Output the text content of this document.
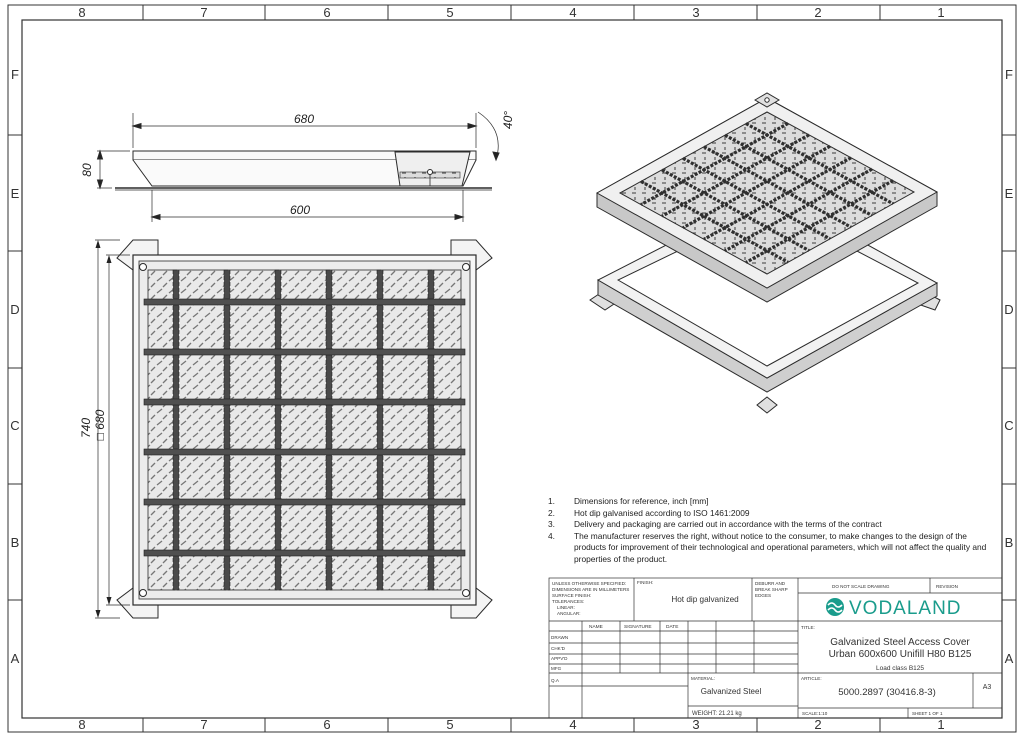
8	7	6	5	4	3	2	1
8	7	6	5	4	3	2	1
F
E
D
C
B
A
F
E
D
C
B
A
680
80
40°
600
740 □ 680
1.	Dimensions for reference, inch [mm]
2.	Hot dip galvanised according to ISO 1461:2009
3.	Delivery and packaging are carried out in accordance with the terms of the contract
4.	The manufacturer reserves the right, without notice to the consumer, to make changes to the design of the products for improvement of their technological and operational parameters, which will not affect the quality and properties of the product.
UNLESS OTHERWISE SPECIFIED:
DIMENSIONS ARE IN MILLIMETERS
SURFACE FINISH:
TOLERANCES:
LINEAR:
ANGULAR:
FINISH:
Hot dip galvanized
DEBURR AND
BREAK SHARP
EDGES
DO NOT SCALE DRAWING	REVISION
VODALAND
TITLE:
Galvanized Steel Access Cover
Urban 600x600 Unifill H80 B125
Load class B125
NAME	SIGNATURE	DATE
DRAWN
CHK'D
APPV'D
MFG
Q.A	MATERIAL:
Galvanized Steel
ARTICLE:
5000.2897 (30416.8-3)	A3
WEIGHT: 21.21 kg	SCALE:1:10	SHEET 1 OF 1
